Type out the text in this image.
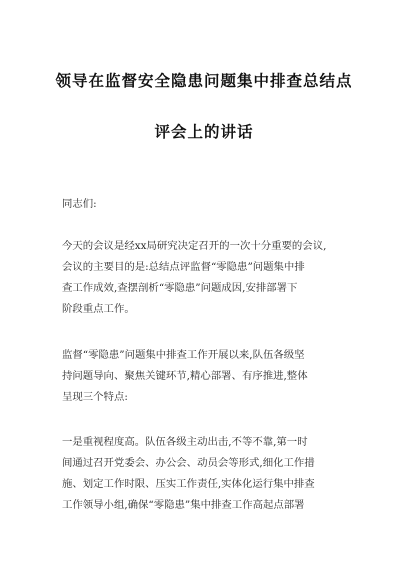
领导在监督安全隐患问题集中排查总结点
评会上的讲话
同志们:
今天的会议是经xx局研究决定召开的一次十分重要的会议,
会议的主要目的是:总结点评监督“零隐患”问题集中排
查工作成效,查摆剖析“零隐患”问题成因,安排部署下
阶段重点工作。
监督“零隐患”问题集中排查工作开展以来,队伍各级坚
持问题导向、聚焦关键环节,精心部署、有序推进,整体
呈现三个特点:
一是重视程度高。队伍各级主动出击,不等不靠,第一时
间通过召开党委会、办公会、动员会等形式,细化工作措
施、划定工作时限、压实工作责任,实体化运行集中排查
工作领导小组,确保“零隐患”集中排查工作高起点部署
